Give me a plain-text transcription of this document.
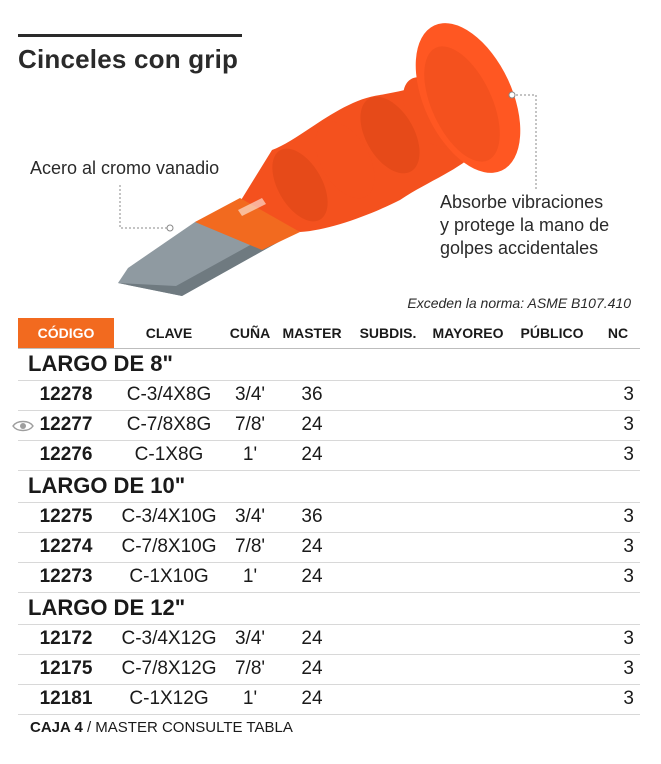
Cinceles con grip
Acero al cromo vanadio
Absorbe vibraciones
y protege la mano de
golpes accidentales
Exceden la norma: ASME B107.410
CÓDIGO	CLAVE	CUÑA	MASTER	SUBDIS.	MAYOREO	PÚBLICO	NC
LARGO DE 8"							
12278	C-3/4X8G	3/4'	36				3

12277	C-7/8X8G	7/8'	24				3
12276	C-1X8G	1'	24				3
LARGO DE 10"							
12275	C-3/4X10G	3/4'	36				3
12274	C-7/8X10G	7/8'	24				3
12273	C-1X10G	1'	24				3
LARGO DE 12"							
12172	C-3/4X12G	3/4'	24				3
12175	C-7/8X12G	7/8'	24				3
12181	C-1X12G	1'	24				3
CAJA 4 / MASTER CONSULTE TABLA
